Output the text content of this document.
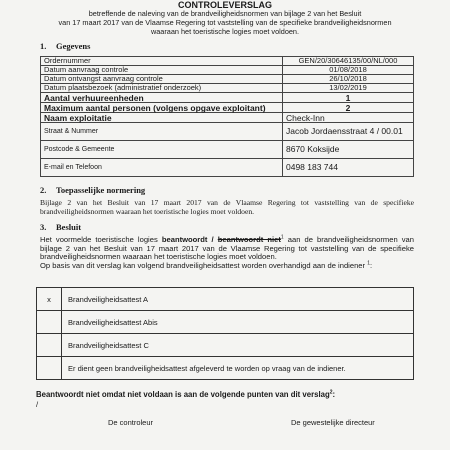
CONTROLEVERSLAG
betreffende de naleving van de brandveiligheidsnormen van bijlage 2 van het Besluit
van 17 maart 2017 van de Vlaamse Regering tot vaststelling van de specifieke brandveiligheidsnormen
waaraan het toeristische logies moet voldoen.
1. Gegevens
Ordernummer	GEN/20/30646135/00/NL/000
Datum aanvraag controle	01/08/2018
Datum ontvangst aanvraag controle	26/10/2018
Datum plaatsbezoek (administratief onderzoek)	13/02/2019
Aantal verhuureenheden	1
Maximum aantal personen (volgens opgave exploitant)	2
Naam exploitatie	Check-Inn
Straat & Nummer	Jacob Jordaensstraat 4 / 00.01
Postcode & Gemeente	8670 Koksijde
E-mail en Telefoon	0498 183 744
2. Toepasselijke normering
Bijlage 2 van het Besluit van 17 maart 2017 van de Vlaamse Regering tot vaststelling van de specifieke
brandveiligheidsnormen waaraan het toeristische logies moet voldoen.
3. Besluit
Het voormelde toeristische logies beantwoordt / beantwoordt niet$^1$ aan de brandveiligheidsnormen van
bijlage 2 van het Besluit van 17 maart 2017 van de Vlaamse Regering tot vaststelling van de specifieke
brandveiligheidsnormen waaraan het toeristische logies moet voldoen.
Op basis van dit verslag kan volgend brandveiligheidsattest worden overhandigd aan de indiener $^1$:
x	Brandveiligheidsattest A
	Brandveiligheidsattest Abis
	Brandveiligheidsattest C
	Er dient geen brandveiligheidsattest afgeleverd te worden op vraag van de indiener.
Beantwoordt niet omdat niet voldaan is aan de volgende punten van dit verslag$^2$:
/
De controleur	De gewestelijke directeur
